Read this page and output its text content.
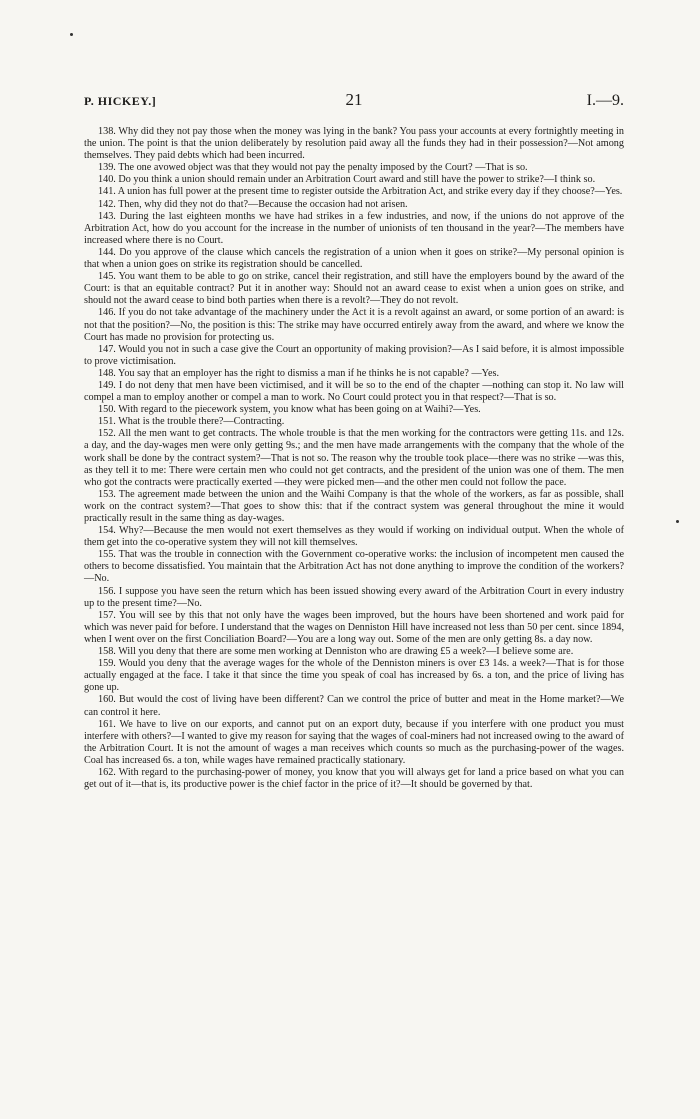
P. HICKEY.]	21	I.—9.

138. Why did they not pay those when the money was lying in the bank? You pass your accounts at every fortnightly meeting in the union. The point is that the union deliberately by resolution paid away all the funds they had in their possession?—Not among themselves. They paid debts which had been incurred.

139. The one avowed object was that they would not pay the penalty imposed by the Court? —That is so.

140. Do you think a union should remain under an Arbitration Court award and still have the power to strike?—I think so.

141. A union has full power at the present time to register outside the Arbitration Act, and strike every day if they choose?—Yes.

142. Then, why did they not do that?—Because the occasion had not arisen.

143. During the last eighteen months we have had strikes in a few industries, and now, if the unions do not approve of the Arbitration Act, how do you account for the increase in the number of unionists of ten thousand in the year?—The members have increased where there is no Court.

144. Do you approve of the clause which cancels the registration of a union when it goes on strike?—My personal opinion is that when a union goes on strike its registration should be cancelled.

145. You want them to be able to go on strike, cancel their registration, and still have the employers bound by the award of the Court: is that an equitable contract? Put it in another way: Should not an award cease to exist when a union goes on strike, and should not the award cease to bind both parties when there is a revolt?—They do not revolt.

146. If you do not take advantage of the machinery under the Act it is a revolt against an award, or some portion of an award: is not that the position?—No, the position is this: The strike may have occurred entirely away from the award, and where we know the Court has made no provision for protecting us.

147. Would you not in such a case give the Court an opportunity of making provision?—As I said before, it is almost impossible to prove victimisation.

148. You say that an employer has the right to dismiss a man if he thinks he is not capable? —Yes.

149. I do not deny that men have been victimised, and it will be so to the end of the chapter —nothing can stop it. No law will compel a man to employ another or compel a man to work. No Court could protect you in that respect?—That is so.

150. With regard to the piecework system, you know what has been going on at Waihi?—Yes.

151. What is the trouble there?—Contracting.

152. All the men want to get contracts. The whole trouble is that the men working for the contractors were getting 11s. and 12s. a day, and the day-wages men were only getting 9s.; and the men have made arrangements with the company that the whole of the work shall be done by the contract system?—That is not so. The reason why the trouble took place—there was no strike —was this, as they tell it to me: There were certain men who could not get contracts, and the president of the union was one of them. The men who got the contracts were practically exerted —they were picked men—and the other men could not follow the pace.

153. The agreement made between the union and the Waihi Company is that the whole of the workers, as far as possible, shall work on the contract system?—That goes to show this: that if the contract system was general throughout the mine it would practically result in the same thing as day-wages.

154. Why?—Because the men would not exert themselves as they would if working on individual output. When the whole of them get into the co-operative system they will not kill themselves.

155. That was the trouble in connection with the Government co-operative works: the inclusion of incompetent men caused the others to become dissatisfied. You maintain that the Arbitration Act has not done anything to improve the condition of the workers?—No.

156. I suppose you have seen the return which has been issued showing every award of the Arbitration Court in every industry up to the present time?—No.

157. You will see by this that not only have the wages been improved, but the hours have been shortened and work paid for which was never paid for before. I understand that the wages on Denniston Hill have increased not less than 50 per cent. since 1894, when I went over on the first Conciliation Board?—You are a long way out. Some of the men are only getting 8s. a day now.

158. Will you deny that there are some men working at Denniston who are drawing £5 a week?—I believe some are.

159. Would you deny that the average wages for the whole of the Denniston miners is over £3 14s. a week?—That is for those actually engaged at the face. I take it that since the time you speak of coal has increased by 6s. a ton, and the price of living has gone up.

160. But would the cost of living have been different? Can we control the price of butter and meat in the Home market?—We can control it here.

161. We have to live on our exports, and cannot put on an export duty, because if you interfere with one product you must interfere with others?—I wanted to give my reason for saying that the wages of coal-miners had not increased owing to the award of the Arbitration Court. It is not the amount of wages a man receives which counts so much as the purchasing-power of the wages. Coal has increased 6s. a ton, while wages have remained practically stationary.

162. With regard to the purchasing-power of money, you know that you will always get for land a price based on what you can get out of it—that is, its productive power is the chief factor in the price of it?—It should be governed by that.
